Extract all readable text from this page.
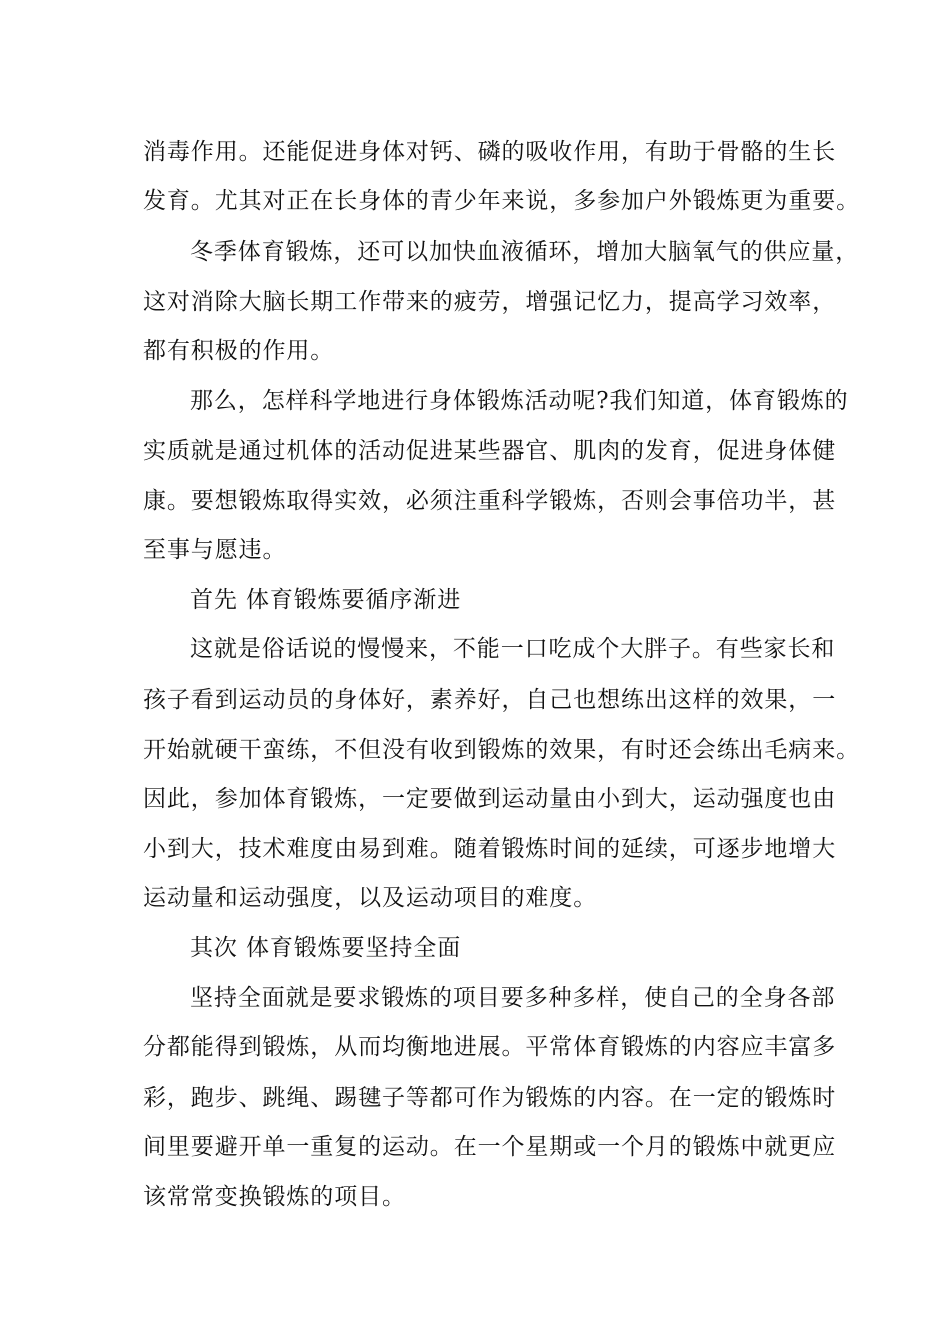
消毒作用。还能促进身体对钙、磷的吸收作用，有助于骨骼的生长
发育。尤其对正在长身体的青少年来说，多参加户外锻炼更为重要。
冬季体育锻炼，还可以加快血液循环，增加大脑氧气的供应量，
这对消除大脑长期工作带来的疲劳，增强记忆力，提高学习效率，
都有积极的作用。
那么，怎样科学地进行身体锻炼活动呢?我们知道，体育锻炼的
实质就是通过机体的活动促进某些器官、肌肉的发育，促进身体健
康。要想锻炼取得实效，必须注重科学锻炼，否则会事倍功半，甚
至事与愿违。
首先 体育锻炼要循序渐进
这就是俗话说的慢慢来，不能一口吃成个大胖子。有些家长和
孩子看到运动员的身体好，素养好，自己也想练出这样的效果，一
开始就硬干蛮练，不但没有收到锻炼的效果，有时还会练出毛病来。
因此，参加体育锻炼，一定要做到运动量由小到大，运动强度也由
小到大，技术难度由易到难。随着锻炼时间的延续，可逐步地增大
运动量和运动强度，以及运动项目的难度。
其次 体育锻炼要坚持全面
坚持全面就是要求锻炼的项目要多种多样，使自己的全身各部
分都能得到锻炼，从而均衡地进展。平常体育锻炼的内容应丰富多
彩，跑步、跳绳、踢毽子等都可作为锻炼的内容。在一定的锻炼时
间里要避开单一重复的运动。在一个星期或一个月的锻炼中就更应
该常常变换锻炼的项目。
